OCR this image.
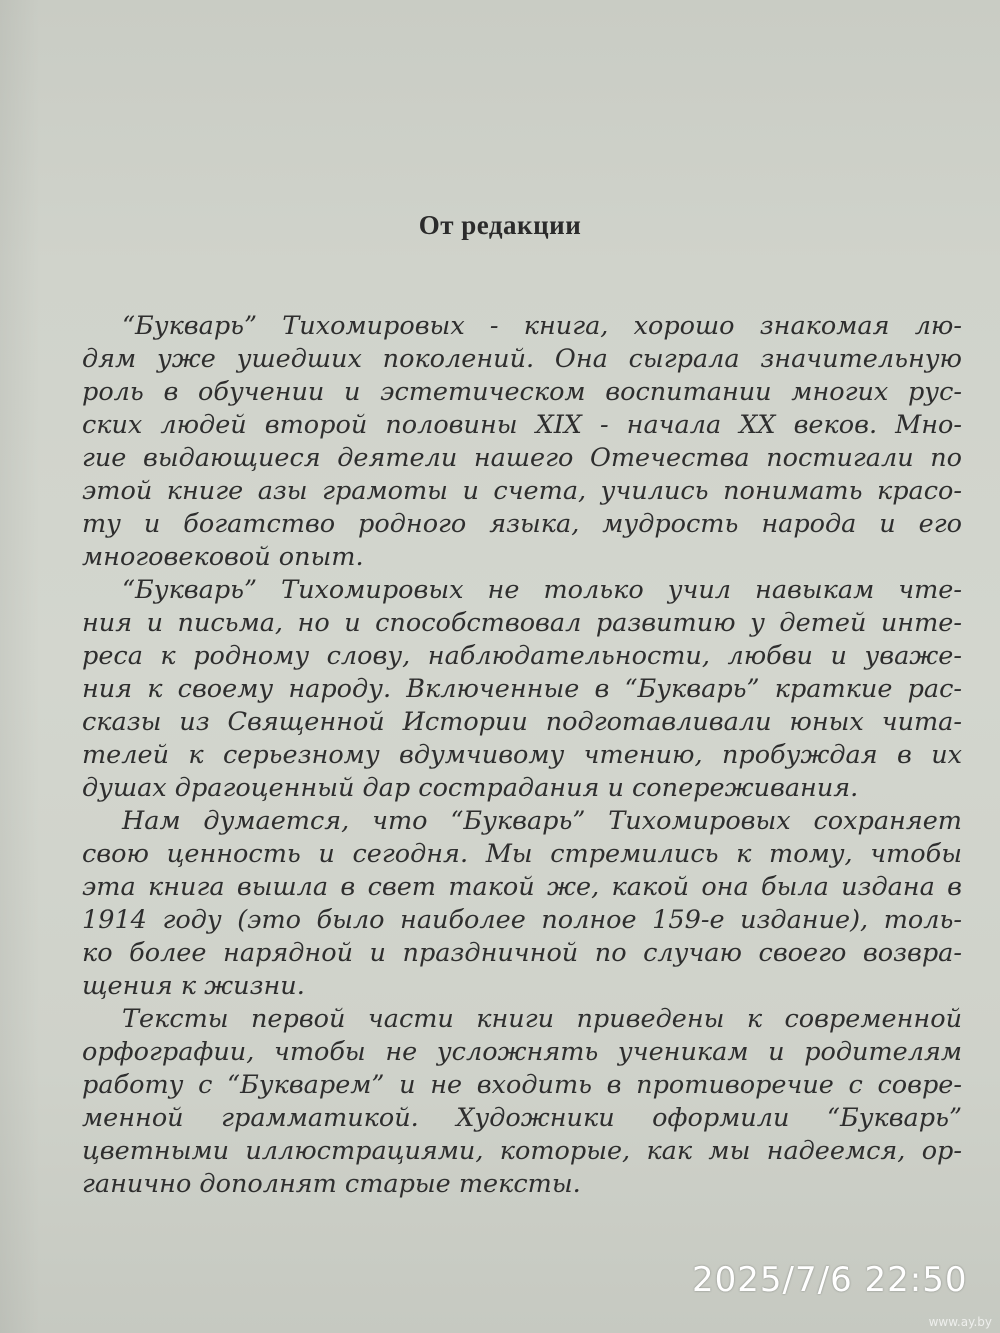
От редакции
“Букварь” Тихомировых - книга, хорошо знакомая лю-
дям уже ушедших поколений. Она сыграла значительную
роль в обучении и эстетическом воспитании многих рус-
ских людей второй половины XIX - начала XX веков. Мно-
гие выдающиеся деятели нашего Отечества постигали по
этой книге азы грамоты и счета, учились понимать красо-
ту и богатство родного языка, мудрость народа и его
многовековой опыт.
“Букварь” Тихомировых не только учил навыкам чте-
ния и письма, но и способствовал развитию у детей инте-
реса к родному слову, наблюдательности, любви и уваже-
ния к своему народу. Включенные в “Букварь” краткие рас-
сказы из Священной Истории подготавливали юных чита-
телей к серьезному вдумчивому чтению, пробуждая в их
душах драгоценный дар сострадания и сопереживания.
Нам думается, что “Букварь” Тихомировых сохраняет
свою ценность и сегодня. Мы стремились к тому, чтобы
эта книга вышла в свет такой же, какой она была издана в
1914 году (это было наиболее полное 159-е издание), толь-
ко более нарядной и праздничной по случаю своего возвра-
щения к жизни.
Тексты первой части книги приведены к современной
орфографии, чтобы не усложнять ученикам и родителям
работу с “Букварем” и не входить в противоречие с совре-
менной грамматикой. Художники оформили “Букварь”
цветными иллюстрациями, которые, как мы надеемся, ор-
ганично дополнят старые тексты.
2025/7/6 22:50
www.ay.by
